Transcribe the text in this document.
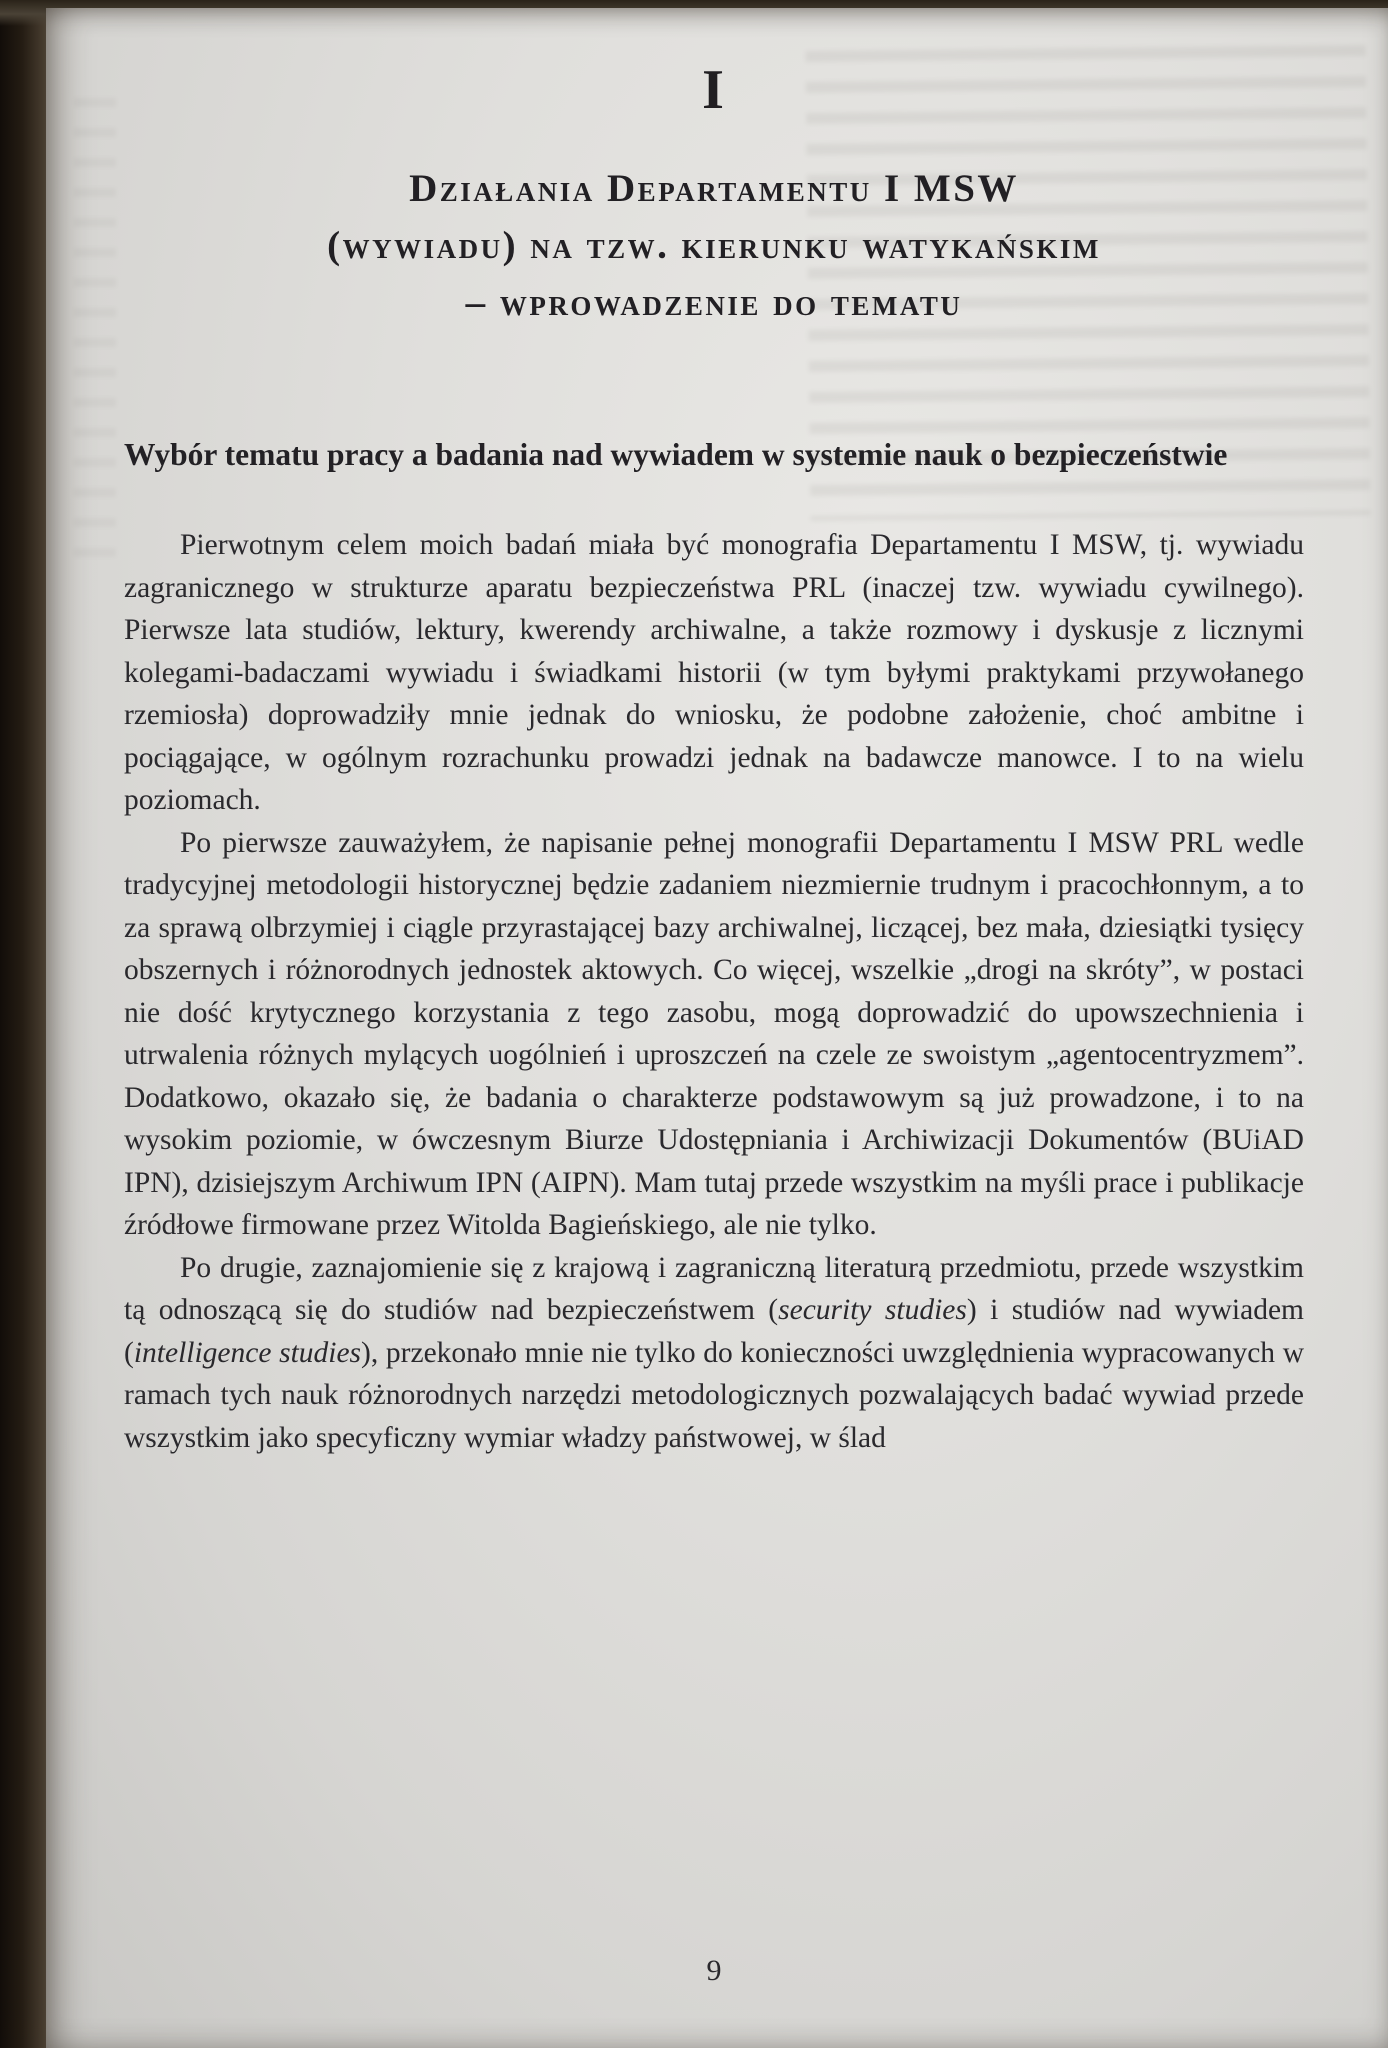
I
Działania Departamentu I MSW
(wywiadu) na tzw. kierunku watykańskim
– wprowadzenie do tematu
Wybór tematu pracy a badania nad wywiadem w systemie nauk o bezpieczeństwie

Pierwotnym celem moich badań miała być monografia Departamentu I MSW, tj. wywiadu zagranicznego w strukturze aparatu bezpieczeństwa PRL (inaczej tzw. wywiadu cywilnego). Pierwsze lata studiów, lektury, kwerendy archiwalne, a także rozmowy i dyskusje z licznymi kolegami-badaczami wywiadu i świadkami historii (w tym byłymi praktykami przywołanego rzemiosła) doprowadziły mnie jednak do wniosku, że podobne założenie, choć ambitne i pociągające, w ogólnym rozrachunku prowadzi jednak na badawcze manowce. I to na wielu poziomach.

Po pierwsze zauważyłem, że napisanie pełnej monografii Departamentu I MSW PRL wedle tradycyjnej metodologii historycznej będzie zadaniem niezmiernie trudnym i pracochłonnym, a to za sprawą olbrzymiej i ciągle przyrastającej bazy archiwalnej, liczącej, bez mała, dziesiątki tysięcy obszernych i różnorodnych jednostek aktowych. Co więcej, wszelkie „drogi na skróty”, w postaci nie dość krytycznego korzystania z tego zasobu, mogą doprowadzić do upowszechnienia i utrwalenia różnych mylących uogólnień i uproszczeń na czele ze swoistym „agentocentryzmem”. Dodatkowo, okazało się, że badania o charakterze podstawowym są już prowadzone, i to na wysokim poziomie, w ówczesnym Biurze Udostępniania i Archiwizacji Dokumentów (BUiAD IPN), dzisiejszym Archiwum IPN (AIPN). Mam tutaj przede wszystkim na myśli prace i publikacje źródłowe firmowane przez Witolda Bagieńskiego, ale nie tylko.

Po drugie, zaznajomienie się z krajową i zagraniczną literaturą przedmiotu, przede wszystkim tą odnoszącą się do studiów nad bezpieczeństwem (security studies) i studiów nad wywiadem (intelligence studies), przekonało mnie nie tylko do konieczności uwzględnienia wypracowanych w ramach tych nauk różnorodnych narzędzi metodologicznych pozwalających badać wywiad przede wszystkim jako specyficzny wymiar władzy państwowej, w ślad

9
